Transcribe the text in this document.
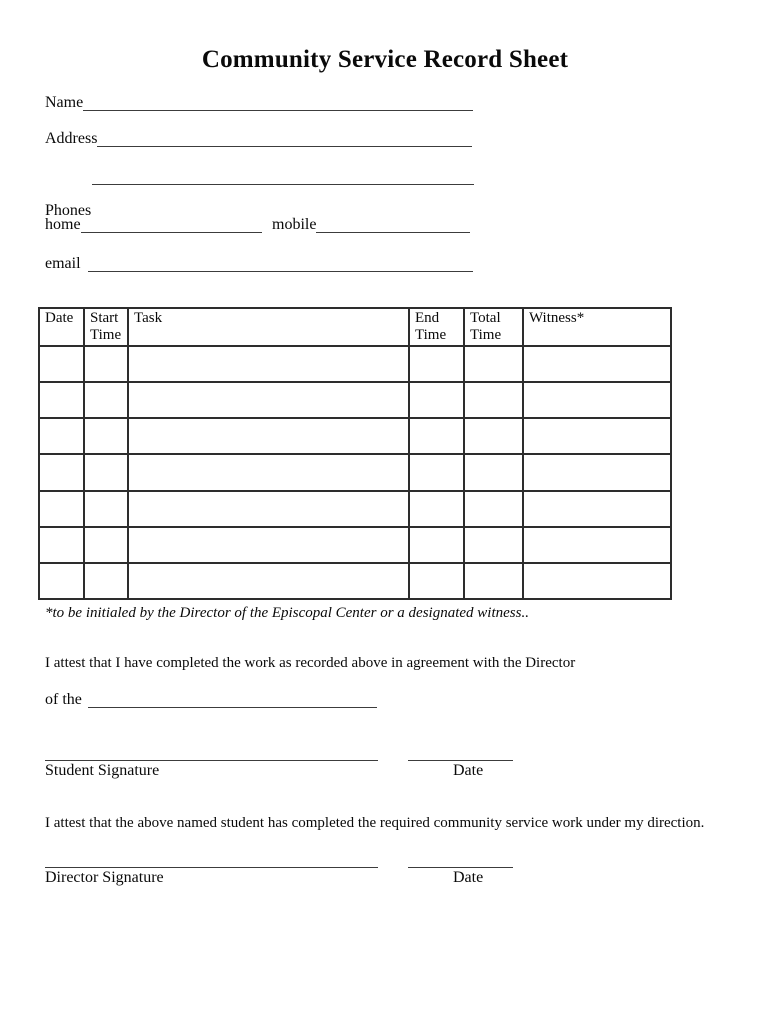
Community Service Record Sheet
Name
Address
Phones
home	mobile
email
Date	Start Time	Task	End Time	Total Time	Witness*

*to be initialed by the Director of the Episcopal Center or a designated witness..
I attest that I have completed the work as recorded above in agreement with the Director
of the
Student Signature	Date
I attest that the above named student has completed the required community service work under my direction.
Director Signature	Date
